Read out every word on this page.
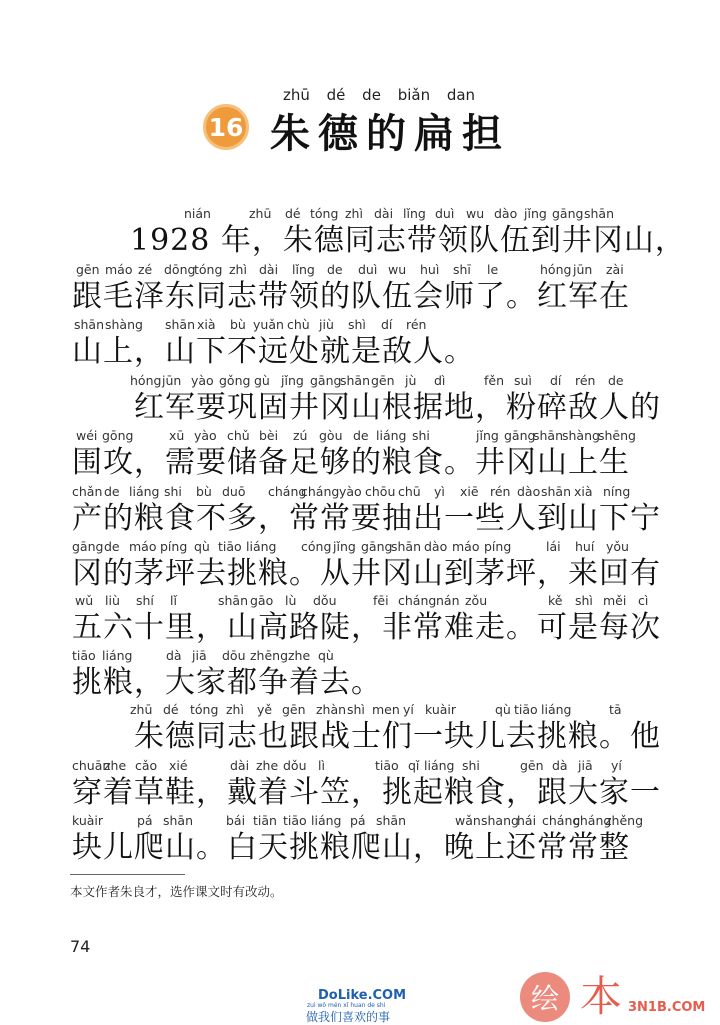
zhū dé de biǎn dan
16 朱德的扁担
nián	zhū dé tóng zhì dài lǐng duì wu dào jǐng gāng shān
1928 年，朱德同志带领队伍到井冈山，
gēn máo zé dōng
tóng zhì dài lǐng de duì wu huì shī le	hóng jūn zài
跟毛泽东同志带领的队伍会师了。红军在
shān shàng shān xià bù yuǎn chù jiù shì dí rén
山上，山下不远处就是敌人。
hóng jūn yào gǒng gù jǐng gāng
shān gēn jù dì	fěn suì dí rén de
　　红军要巩固井冈山根据地，粉碎敌人的
wéi gōng	xū yào chǔ bèi zú gòu de liáng shi	jǐng gāng
shān
shàng
shēng
围攻，需要储备足够的粮食。井冈山上生
chǎn de liáng shi bù duō cháng
cháng yào chōu chū yì xiē rén dào shān xià níng
产的粮食不多，常常要抽出一些人到山下宁
gāng de máo píng qù tiāo liáng cóng jǐng gāng
shān dào máo píng	lái huí yǒu
冈的茅坪去挑粮。从井冈山到茅坪，来回有
wǔ liù shí lǐ	shān gāo lù dǒu	fēi cháng nán zǒu	kě shì měi cì
五六十里，山高路陡，非常难走。可是每次
tiāo liáng	dà jiā dōu zhēng zhe qù
挑粮，大家都争着去。
zhū dé tóng zhì yě gēn zhàn shì men yí kuàir	qù tiāo liáng	tā
　　朱德同志也跟战士们一块儿去挑粮。他
chuān
zhe cǎo xié	dài zhe dǒu lì	tiāo qǐ liáng shi	gēn dà jiā yí
穿着草鞋，戴着斗笠，挑起粮食，跟大家一
kuàir	pá shān	bái tiān tiāo liáng pá shān	wǎn shang
hái cháng
cháng
zhěng
块儿爬山。白天挑粮爬山，晚上还常常整
本文作者朱良才，选作课文时有改动。
74
DoLike.COM
zuì wǒ mén xǐ huan de shì
做我们喜欢的事
绘 本 3N1B.COM
